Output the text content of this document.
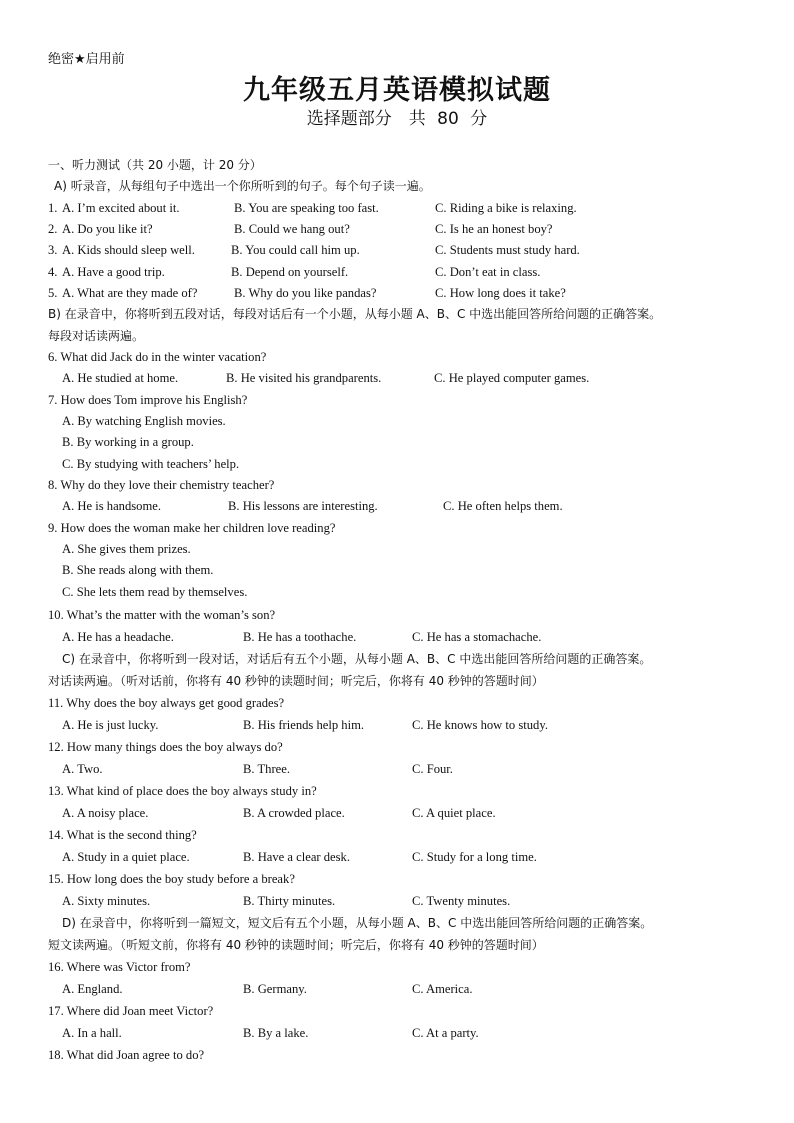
绝密★启用前
九年级五月英语模拟试题
选择题部分　共 80 分
一、听力测试（共 20 小题，计 20 分）
A) 听录音，从每组句子中选出一个你所听到的句子。每个句子读一遍。
1. A. I’m excited about it.	B. You are speaking too fast.	C. Riding a bike is relaxing.
2. A. Do you like it?	B. Could we hang out?	C. Is he an honest boy?
3. A. Kids should sleep well.	B. You could call him up.	C. Students must study hard.
4. A. Have a good trip.	B. Depend on yourself.	C. Don’t eat in class.
5. A. What are they made of?	B. Why do you like pandas?	C. How long does it take?
B) 在录音中，你将听到五段对话，每段对话后有一个小题，从每小题 A、B、C 中选出能回答所给问题的正确答案。
每段对话读两遍。
6. What did Jack do in the winter vacation?
A. He studied at home.	B. He visited his grandparents.	C. He played computer games.
7. How does Tom improve his English?
A. By watching English movies.
B. By working in a group.
C. By studying with teachers’ help.
8. Why do they love their chemistry teacher?
A. He is handsome.	B. His lessons are interesting.	C. He often helps them.
9. How does the woman make her children love reading?
A. She gives them prizes.
B. She reads along with them.
C. She lets them read by themselves.
10. What’s the matter with the woman’s son?
A. He has a headache.	B. He has a toothache.	C. He has a stomachache.
C) 在录音中，你将听到一段对话，对话后有五个小题，从每小题 A、B、C 中选出能回答所给问题的正确答案。
对话读两遍。（听对话前，你将有 40 秒钟的读题时间；听完后，你将有 40 秒钟的答题时间）
11. Why does the boy always get good grades?
A. He is just lucky.	B. His friends help him.	C. He knows how to study.
12. How many things does the boy always do?
A. Two.	B. Three.	C. Four.
13. What kind of place does the boy always study in?
A. A noisy place.	B. A crowded place.	C. A quiet place.
14. What is the second thing?
A. Study in a quiet place.	B. Have a clear desk.	C. Study for a long time.
15. How long does the boy study before a break?
A. Sixty minutes.	B. Thirty minutes.	C. Twenty minutes.
D) 在录音中，你将听到一篇短文，短文后有五个小题，从每小题 A、B、C 中选出能回答所给问题的正确答案。
短文读两遍。（听短文前，你将有 40 秒钟的读题时间；听完后，你将有 40 秒钟的答题时间）
16. Where was Victor from?
A. England.	B. Germany.	C. America.
17. Where did Joan meet Victor?
A. In a hall.	B. By a lake.	C. At a party.
18. What did Joan agree to do?
